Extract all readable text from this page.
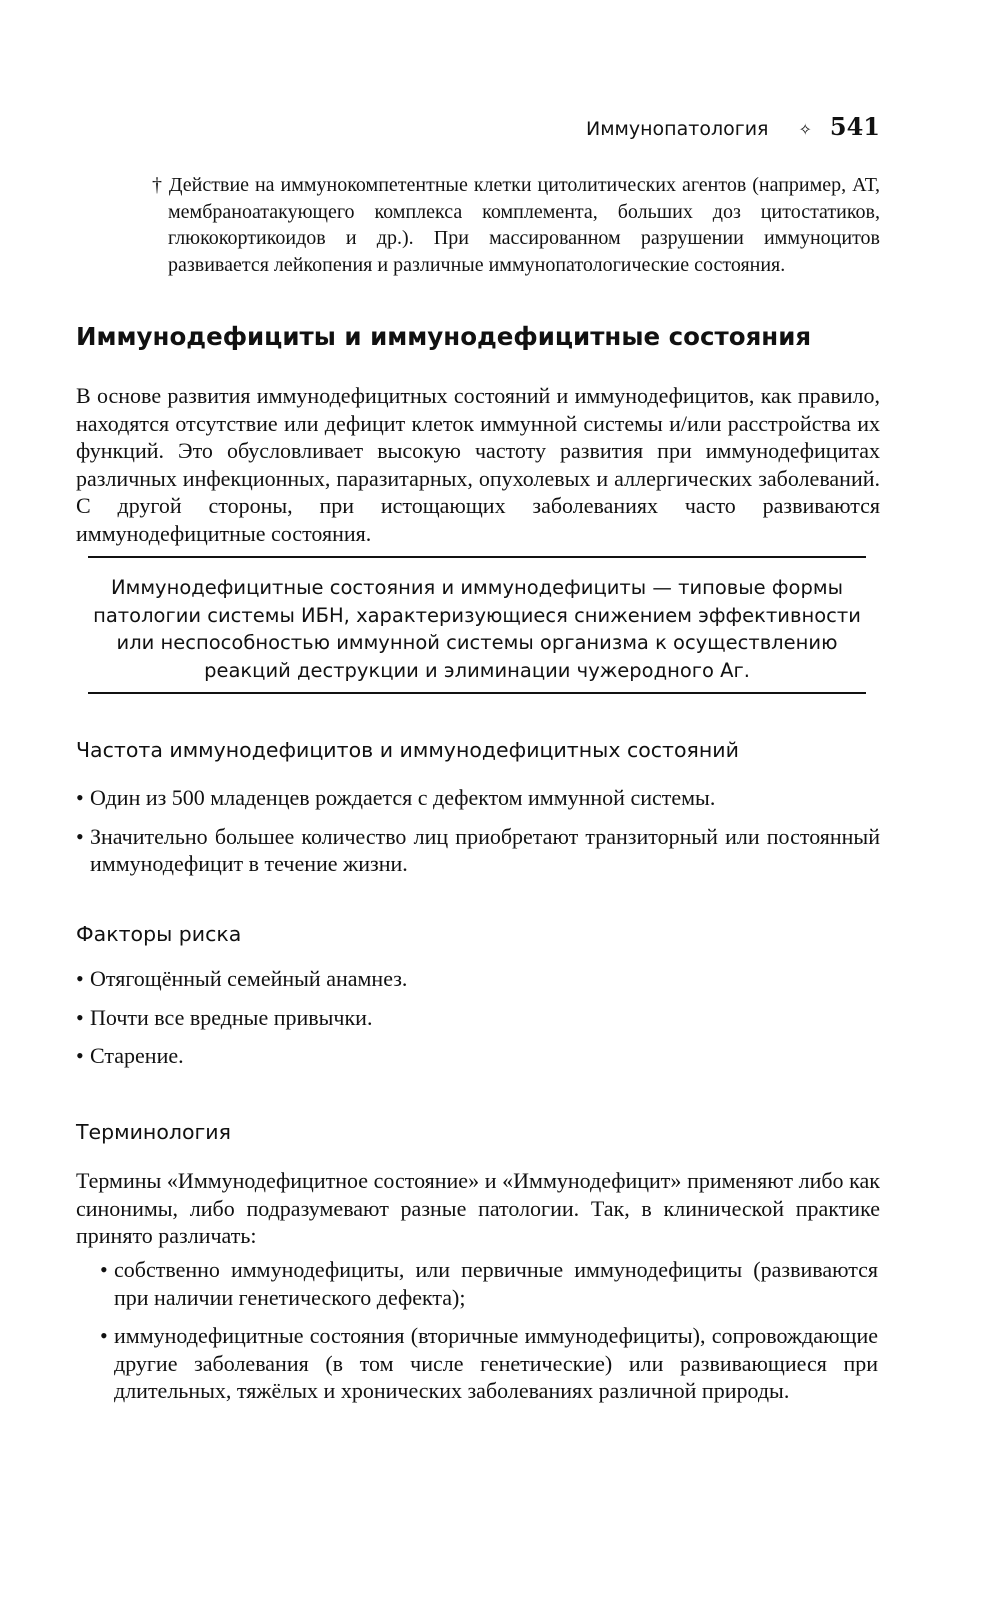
Иммунопатология ✧ 541

† Действие на иммунокомпетентные клетки цитолитических агентов (например, АТ, мембраноатакующего комплекса комплемента, больших доз цитостатиков, глюкокортикоидов и др.). При массированном разрушении иммуноцитов развивается лейкопения и различные иммунопатологические состояния.

Иммунодефициты и иммунодефицитные состояния

В основе развития иммунодефицитных состояний и иммунодефицитов, как правило, находятся отсутствие или дефицит клеток иммунной системы и/или расстройства их функций. Это обусловливает высокую частоту развития при иммунодефицитах различных инфекционных, паразитарных, опухолевых и аллергических заболеваний. С другой стороны, при истощающих заболеваниях часто развиваются иммунодефицитные состояния.

Иммунодефицитные состояния и иммунодефициты — типовые формы патологии системы ИБН, характеризующиеся снижением эффективности или неспособностью иммунной системы организма к осуществлению реакций деструкции и элиминации чужеродного Аг.

Частота иммунодефицитов и иммунодефицитных состояний
• Один из 500 младенцев рождается с дефектом иммунной системы.
• Значительно большее количество лиц приобретают транзиторный или постоянный иммунодефицит в течение жизни.
Факторы риска
• Отягощённый семейный анамнез.
• Почти все вредные привычки.
• Старение.
Терминология

Термины «Иммунодефицитное состояние» и «Иммунодефицит» применяют либо как синонимы, либо подразумевают разные патологии. Так, в клинической практике принято различать:

• собственно иммунодефициты, или первичные иммунодефициты (развиваются при наличии генетического дефекта);
• иммунодефицитные состояния (вторичные иммунодефициты), сопровождающие другие заболевания (в том числе генетические) или развивающиеся при длительных, тяжёлых и хронических заболеваниях различной природы.
